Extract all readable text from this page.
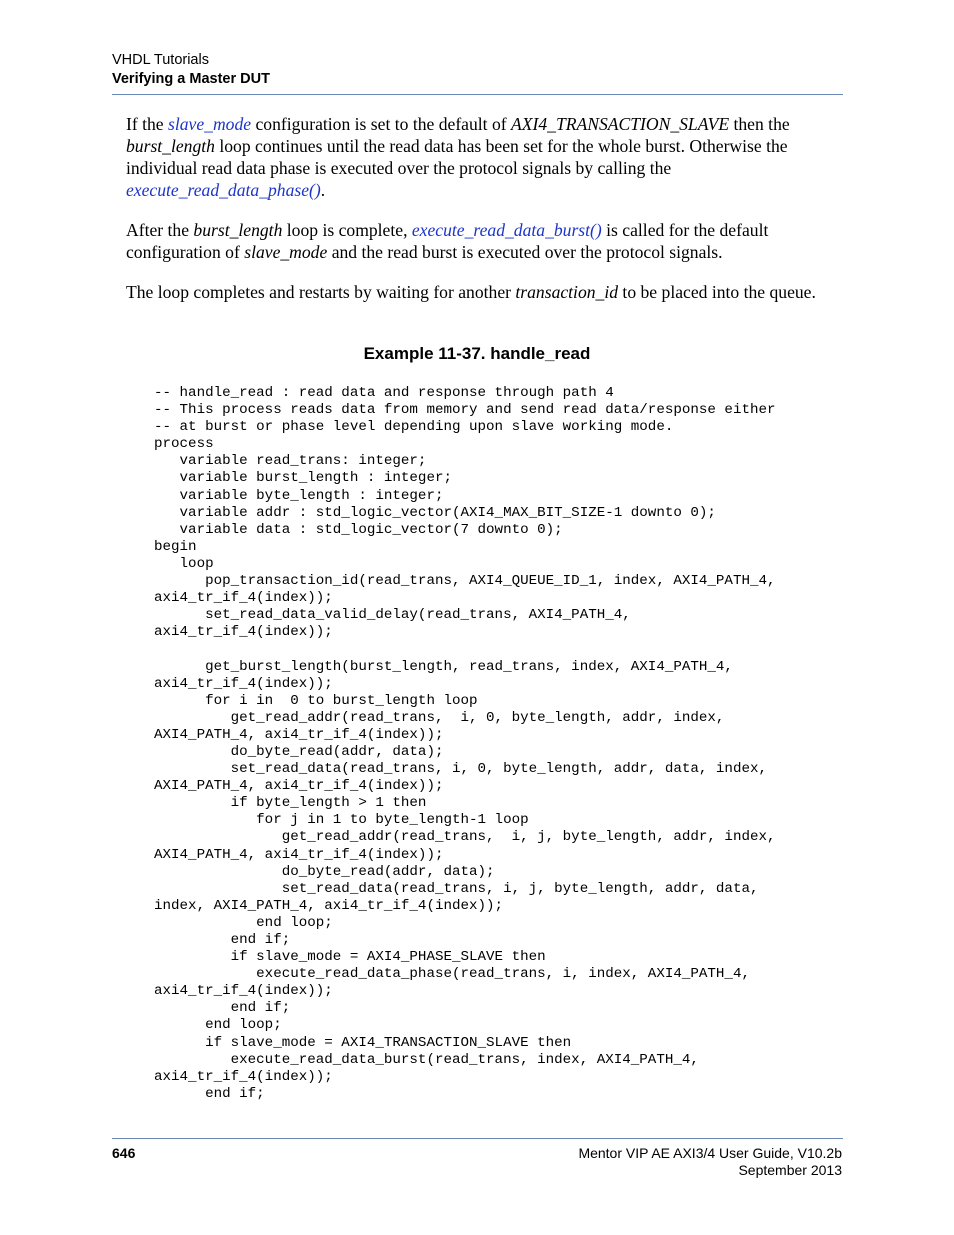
VHDL Tutorials
Verifying a Master DUT

If the slave_mode configuration is set to the default of AXI4_TRANSACTION_SLAVE then the burst_length loop continues until the read data has been set for the whole burst. Otherwise the individual read data phase is executed over the protocol signals by calling the execute_read_data_phase().

After the burst_length loop is complete, execute_read_data_burst() is called for the default configuration of slave_mode and the read burst is executed over the protocol signals.

The loop completes and restarts by waiting for another transaction_id to be placed into the queue.

Example 11-37. handle_read
-- handle_read : read data and response through path 4
-- This process reads data from memory and send read data/response either
-- at burst or phase level depending upon slave working mode.
process
variable read_trans: integer;
variable burst_length : integer;
variable byte_length : integer;
variable addr : std_logic_vector(AXI4_MAX_BIT_SIZE-1 downto 0);
variable data : std_logic_vector(7 downto 0);
begin
loop
pop_transaction_id(read_trans, AXI4_QUEUE_ID_1, index, AXI4_PATH_4,
axi4_tr_if_4(index));
set_read_data_valid_delay(read_trans, AXI4_PATH_4,
axi4_tr_if_4(index));

get_burst_length(burst_length, read_trans, index, AXI4_PATH_4,
axi4_tr_if_4(index));
for i in  0 to burst_length loop
get_read_addr(read_trans,  i, 0, byte_length, addr, index,
AXI4_PATH_4, axi4_tr_if_4(index));
do_byte_read(addr, data);
set_read_data(read_trans, i, 0, byte_length, addr, data, index,
AXI4_PATH_4, axi4_tr_if_4(index));
if byte_length > 1 then
for j in 1 to byte_length-1 loop
get_read_addr(read_trans,  i, j, byte_length, addr, index,
AXI4_PATH_4, axi4_tr_if_4(index));
do_byte_read(addr, data);
set_read_data(read_trans, i, j, byte_length, addr, data,
index, AXI4_PATH_4, axi4_tr_if_4(index));
end loop;
end if;
if slave_mode = AXI4_PHASE_SLAVE then
execute_read_data_phase(read_trans, i, index, AXI4_PATH_4,
axi4_tr_if_4(index));
end if;
end loop;
if slave_mode = AXI4_TRANSACTION_SLAVE then
execute_read_data_burst(read_trans, index, AXI4_PATH_4,
axi4_tr_if_4(index));
end if;
646	Mentor VIP AE AXI3/4 User Guide, V10.2b
September 2013
